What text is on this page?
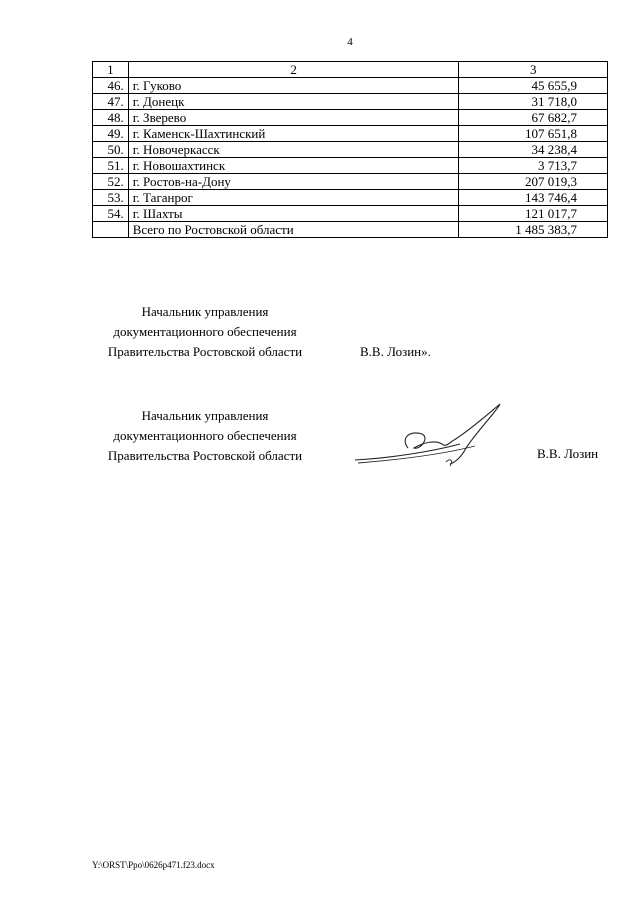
4
1	2	3
46.	г. Гуково	45 655,9
47.	г. Донецк	31 718,0
48.	г. Зверево	67 682,7
49.	г. Каменск-Шахтинский	107 651,8
50.	г. Новочеркасск	34 238,4
51.	г. Новошахтинск	3 713,7
52.	г. Ростов-на-Дону	207 019,3
53.	г. Таганрог	143 746,4
54.	г. Шахты	121 017,7
	Всего по Ростовской области	1 485 383,7
Начальник управления
документационного обеспечения
Правительства Ростовской области	В.В. Лозин».
Начальник управления
документационного обеспечения
Правительства Ростовской области	В.В. Лозин
Y:\ORST\Ppo\0626p471.f23.docx
